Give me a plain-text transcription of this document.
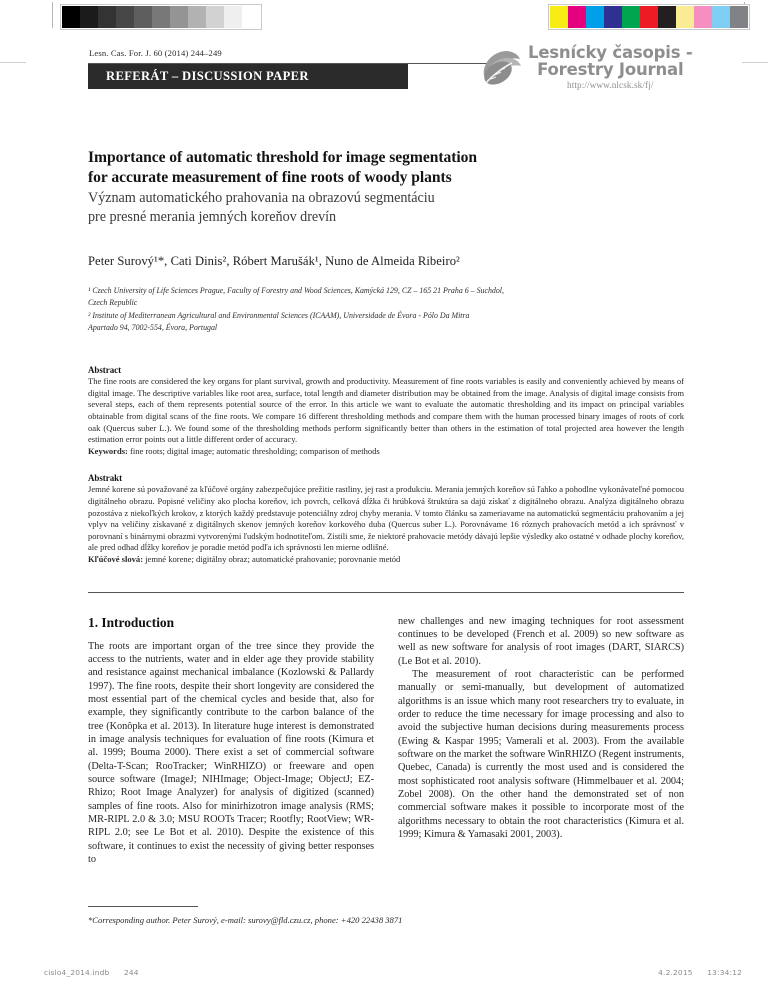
Lesn. Cas. For. J. 60 (2014) 244–249
REFERÁT – DISCUSSION PAPER
Lesnícky časopis -
Forestry Journal
http://www.nlcsk.sk/fj/
Importance of automatic threshold for image segmentation
for accurate measurement of fine roots of woody plants
Význam automatického prahovania na obrazovú segmentáciu
pre presné merania jemných koreňov drevín
Peter Surový¹*, Cati Dinis², Róbert Marušák¹, Nuno de Almeida Ribeiro²
¹ Czech University of Life Sciences Prague, Faculty of Forestry and Wood Sciences, Kamýcká 129, CZ – 165 21 Praha 6 – Suchdol,
Czech Republic
² Institute of Mediterranean Agricultural and Environmental Sciences (ICAAM), Universidade de Évora - Pólo Da Mitra
Apartado 94, 7002-554, Évora, Portugal
Abstract

The fine roots are considered the key organs for plant survival, growth and productivity. Measurement of fine roots variables is easily and conveniently achieved by means of digital image. The descriptive variables like root area, surface, total length and diameter distribution may be obtained from the image. Analysis of digital image consists from several steps, each of them represents potential source of the error. In this article we want to evaluate the automatic thresholding and its impact on principal variables obtainable from digital scans of the fine roots. We compare 16 different thresholding methods and compare them with the human processed binary images of roots of cork oak (Quercus suber L.). We found some of the thresholding methods perform significantly better than others in the estimation of total projected area however the length estimation error points out a little different order of accuracy.

Keywords: fine roots; digital image; automatic thresholding; comparison of methods

Abstrakt

Jemné korene sú považované za kľúčové orgány zabezpečujúce prežitie rastliny, jej rast a produkciu. Merania jemných koreňov sú ľahko a pohodlne vykonávateľné pomocou digitálneho obrazu. Popisné veličiny ako plocha koreňov, ich povrch, celková dĺžka či hrúbková štruktúra sa dajú získať z digitálneho obrazu. Analýza digitálneho obrazu pozostáva z niekoľkých krokov, z ktorých každý predstavuje potenciálny zdroj chyby merania. V tomto článku sa zameriavame na automatickú segmentáciu prahovaním a jej vplyv na veličiny získavané z digitálnych skenov jemných koreňov korkového duba (Quercus suber L.). Porovnávame 16 róznych prahovacích metód a ich správnosť v porovnaní s binárnymi obrazmi vytvorenými ľudským hodnotiteľom. Zistili sme, že niektoré prahovacie metódy dávajú lepšie výsledky ako ostatné v odhade plochy koreňov, ale pred odhad dĺžky koreňov je poradie metód podľa ich správnosti len mierne odlišné.

Kľúčové slová: jemné korene; digitálny obraz; automatické prahovanie; porovnanie metód

1. Introduction

The roots are important organ of the tree since they provide the access to the nutrients, water and in elder age they provide stability and resistance against mechanical imbalance (Kozlowski & Pallardy 1997). The fine roots, despite their short longevity are considered the most essential part of the chemical cycles and beside that, also for example, they significantly contribute to the carbon balance of the tree (Konôpka et al. 2013). In literature huge interest is demonstrated in image analysis techniques for evaluation of fine roots (Kimura et al. 1999; Bouma 2000). There exist a set of commercial software (Delta-T-Scan; RooTracker; WinRHIZO) or freeware and open source software (ImageJ; NIHImage; Object-Image; ObjectJ; EZ-Rhizo; Root Image Analyzer) for analysis of digitized (scanned) samples of fine roots. Also for minirhizotron image analysis (RMS; MR-RIPL 2.0 & 3.0; MSU ROOTs Tracer; Rootfly; RootView; WR-RIPL 2.0; see Le Bot et al. 2010). Despite the existence of this software, it continues to exist the necessity of giving better responses to

new challenges and new imaging techniques for root assessment continues to be developed (French et al. 2009) so new software as well as new software for analysis of root images (DART, SIARCS) (Le Bot et al. 2010).

The measurement of root characteristic can be performed manually or semi-manually, but development of automatized algorithms is an issue which many root researchers try to evaluate, in order to reduce the time necessary for image processing and also to avoid the subjective human decisions during measurements process (Ewing & Kaspar 1995; Vamerali et al. 2003). From the available software on the market the software WinRHIZO (Regent instruments, Quebec, Canada) is currently the most used and is considered the most sophisticated root analysis software (Himmelbauer et al. 2004; Zobel 2008). On the other hand the demonstrated set of non commercial software makes it possible to incorporate most of the algorithms necessary to obtain the root characteristics (Kimura et al. 1999; Kimura & Yamasaki 2001, 2003).

*Corresponding author. Peter Surový, e-mail: surovy@fld.czu.cz, phone: +420 22438 3871

cislo4_2014.indb 244	4.2.2015 13:34:12
